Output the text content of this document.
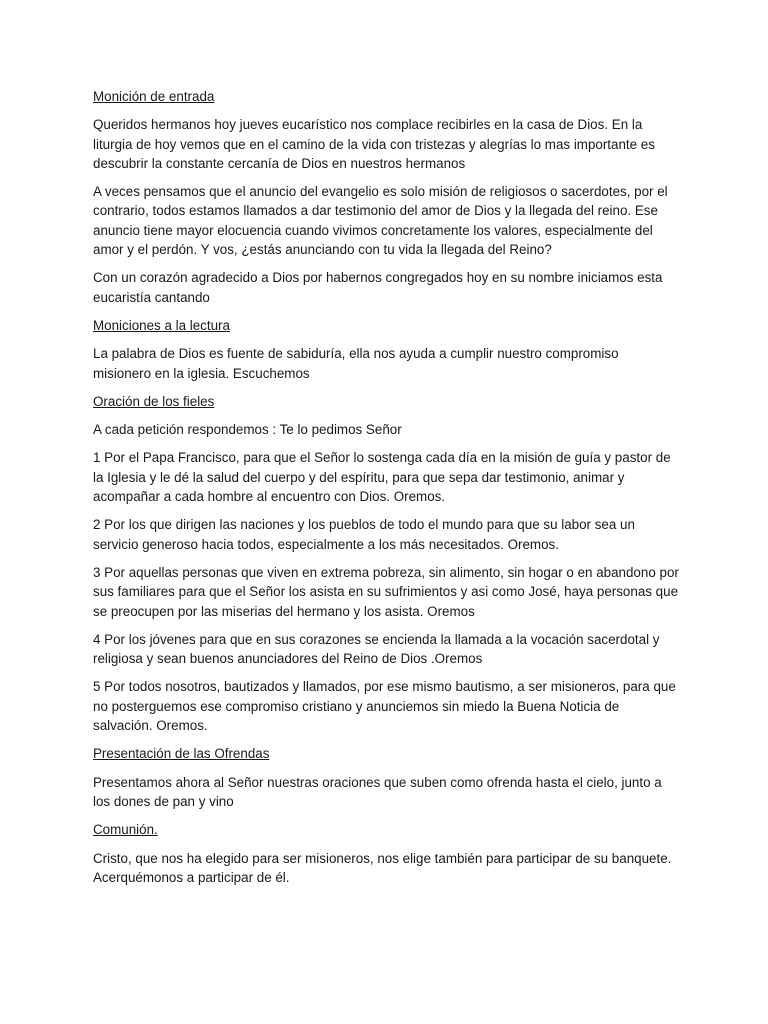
Monición de entrada

Queridos hermanos hoy jueves eucarístico nos complace recibirles en la casa de Dios. En la liturgia de hoy vemos que en el camino de la vida con tristezas y alegrías lo mas importante es descubrir la constante cercanía de Dios en nuestros hermanos

A veces pensamos que el anuncio del evangelio es solo misión de religiosos o sacerdotes, por el contrario, todos estamos llamados a dar testimonio del amor de Dios y la llegada del reino. Ese anuncio tiene mayor elocuencia cuando vivimos concretamente los valores, especialmente del amor y el perdón. Y vos, ¿estás anunciando con tu vida la llegada del Reino?

Con un corazón agradecido a Dios por habernos congregados hoy en su nombre iniciamos esta eucaristía cantando

Moniciones a la lectura

La palabra de Dios es fuente de sabiduría, ella nos ayuda a cumplir nuestro compromiso misionero en la iglesia. Escuchemos

Oración de los fieles

A cada petición respondemos : Te lo pedimos Señor

1 Por el Papa Francisco, para que el Señor lo sostenga cada día en la misión de guía y pastor de la Iglesia y le dé la salud del cuerpo y del espíritu, para que sepa dar testimonio, animar y acompañar a cada hombre al encuentro con Dios. Oremos.

2 Por los que dirigen las naciones y los pueblos de todo el mundo para que su labor sea un servicio generoso hacia todos, especialmente a los más necesitados. Oremos.

3 Por aquellas personas que viven en extrema pobreza, sin alimento, sin hogar o en abandono por sus familiares para que el Señor los asista en su sufrimientos y asi como José, haya personas que se preocupen por las miserias del hermano y los asista. Oremos

4 Por los jóvenes para que en sus corazones se encienda la llamada a la vocación sacerdotal y religiosa y sean buenos anunciadores del Reino de Dios .Oremos

5 Por todos nosotros, bautizados y llamados, por ese mismo bautismo, a ser misioneros, para que no posterguemos ese compromiso cristiano y anunciemos sin miedo la Buena Noticia de salvación. Oremos.

Presentación de las Ofrendas

Presentamos ahora al Señor nuestras oraciones que suben como ofrenda hasta el cielo, junto a los dones de pan y vino

Comunión.

Cristo, que nos ha elegido para ser misioneros, nos elige también para participar de su banquete. Acerquémonos a participar de él.
